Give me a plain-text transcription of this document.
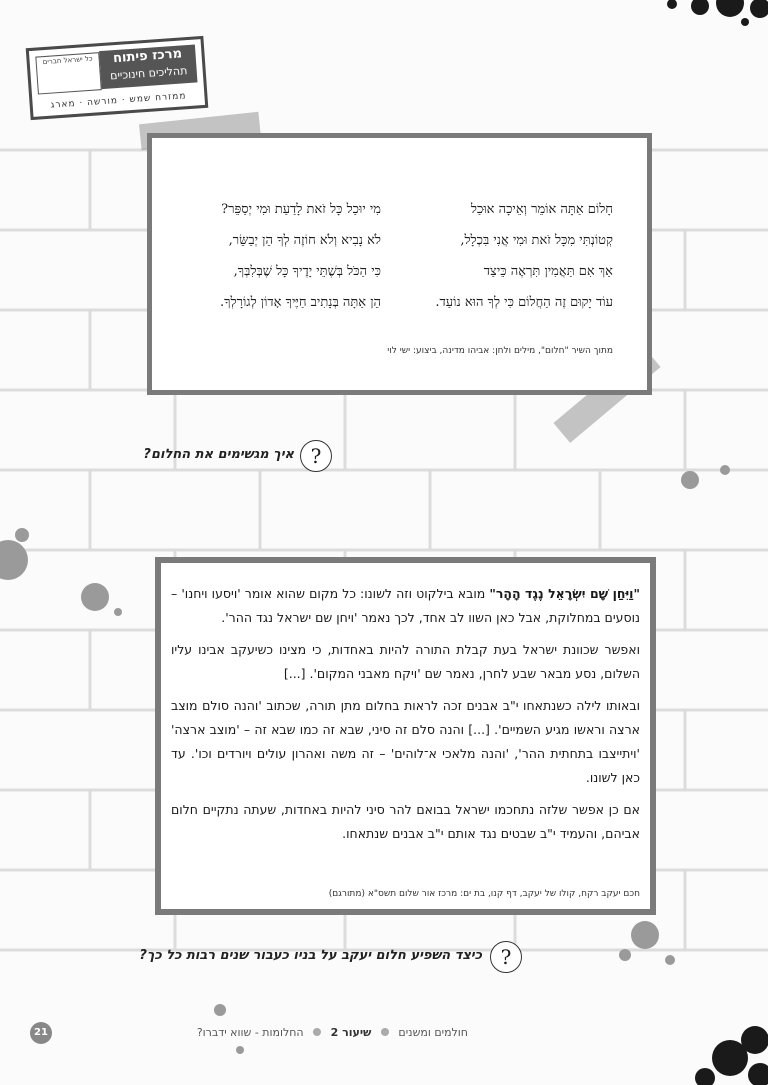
מרכז פיתוח
תהליכים חינוכיים
כל ישראל חברים
ממזרח שמש · מורשה · מארג
חָלוֹם אַתָּה אוֹמֵר וְאֵיכָה אוּכַל
קְטוֹנְתִּי מִכָּל זֹאת וּמִי אֲנִי בִּכְלָל,
אַךְ אִם תַּאֲמִין תִּרְאֶה כֵּיצַד
עוֹד יָקוּם זֶה הַחֲלוֹם כִּי לְךָ הוּא נוֹעַד.
מִי יוּכַל כָּל זֹאת לָדַעַת וּמִי יְסַפֵּר?
לֹא נָבִיא וְלֹא חוֹזֶה לְךָ הֵן יְבַשֵּׂר,
כִּי הַכֹּל בְּשֶׁתֵּי יָדֶיךָ כָּל שֶׁבְּלִבְּךָ,
הֵן אַתָּה בְּנָתִיב חַיֶּיךָ אָדוֹן לְגוֹרָלְךָ.
מתוך השיר "חלום", מילים ולחן: אביהו מדינה, ביצוע: ישי לוי
?
איך מגשימים את החלום?

"וַיִּחַן שָׁם יִשְׂרָאֵל נֶגֶד הָהָר" מובא בילקוט וזה לשונו: כל מקום שהוא אומר 'ויסעו ויחנו' – נוסעים במחלוקת, אבל כאן השוו לב אחד, לכך נאמר 'ויחן שם ישראל נגד ההר'.

ואפשר שכוונת ישראל בעת קבלת התורה להיות באחדות, כי מצינו כשיעקב אבינו עליו השלום, נסע מבאר שבע לחרן, נאמר שם 'ויקח מאבני המקום'. [...]

ובאותו לילה כשנתאחו י"ב אבנים זכה לראות בחלום מתן תורה, שכתוב 'והנה סולם מוצב ארצה וראשו מגיע השמיים'. [...] והנה סלם זה סיני, שבא זה כמו שבא זה – 'מוצב ארצה' 'ויתייצבו בתחתית ההר', 'והנה מלאכי א־לוהים' – זה משה ואהרון עולים ויורדים וכו'. עד כאן לשונו.

אם כן אפשר שלזה נתחכמו ישראל בבואם להר סיני להיות באחדות, שעתה נתקיים חלום אביהם, והעמיד י"ב שבטים נגד אותם י"ב אבנים שנתאחו.

חכם יעקב רקח, קולו של יעקב, דף קנו, בת ים: מרכז אור שלום תשס"א (מתורגם)
?
כיצד השפיע חלום יעקב על בניו כעבור שנים רבות כל כך?
21	חולמים ומשנים  שיעור 2  החלומות - שווא ידברו?
